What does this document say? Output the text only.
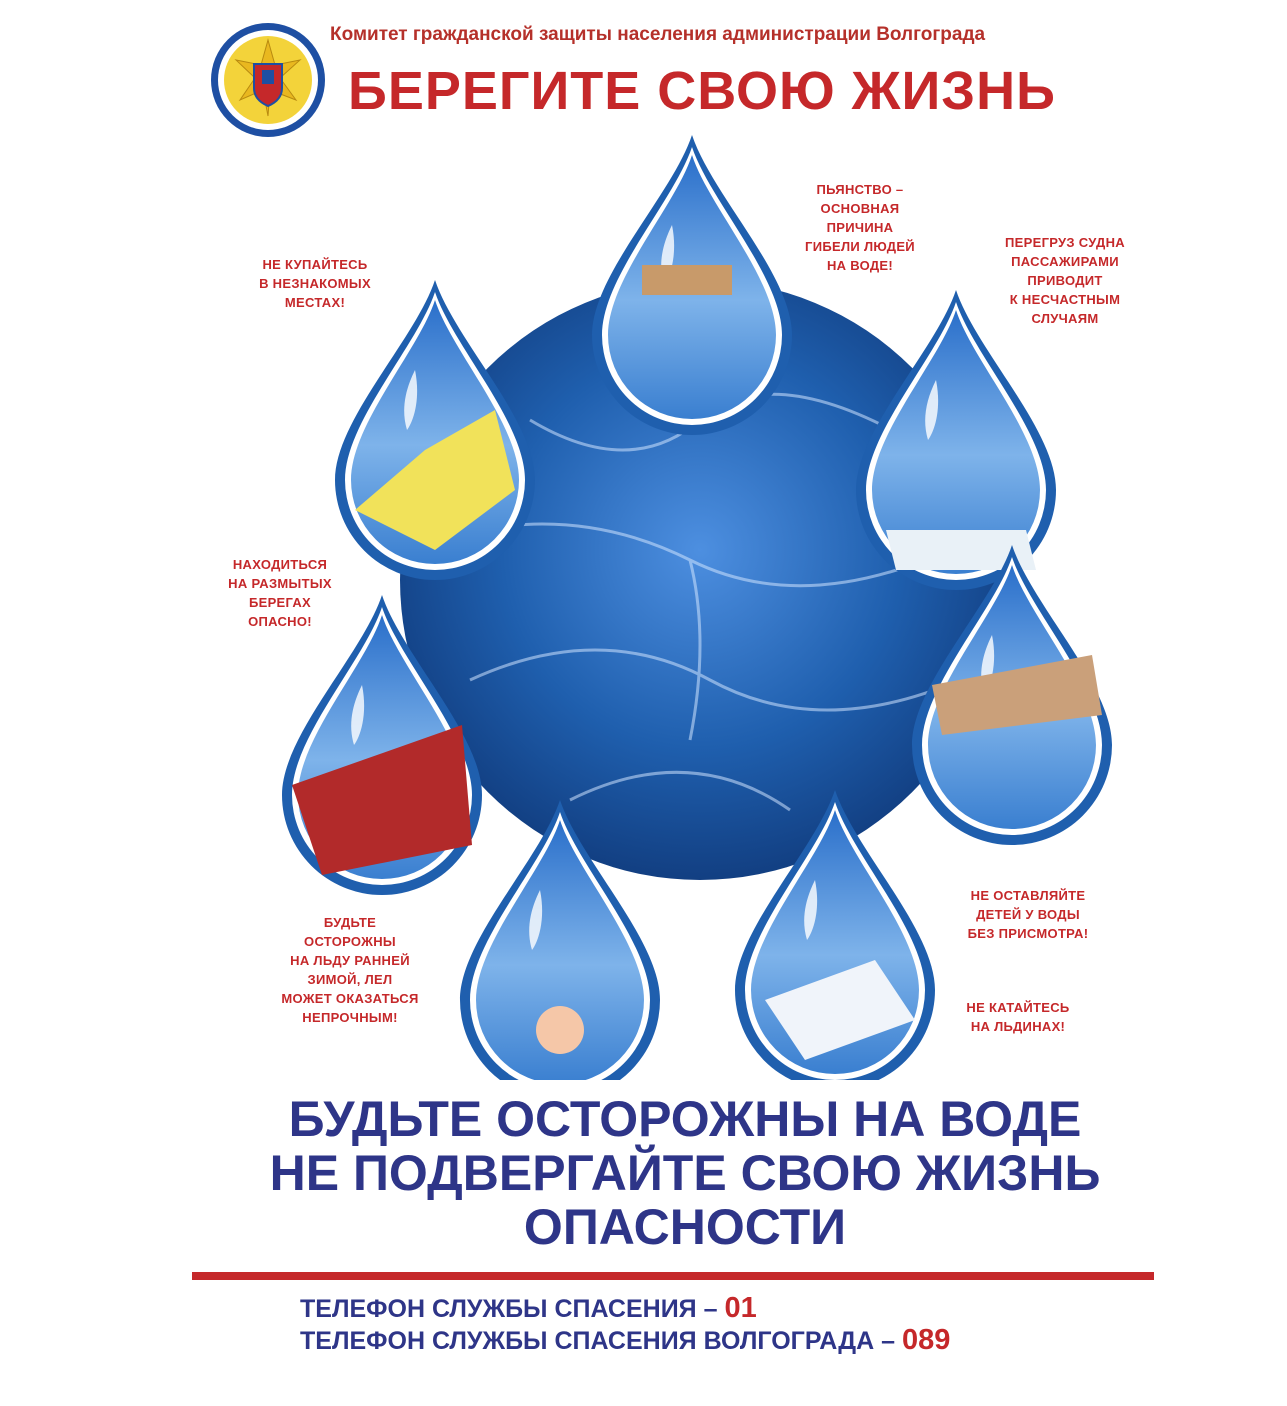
Комитет гражданской защиты населения администрации Волгограда
БЕРЕГИТЕ СВОЮ ЖИЗНЬ
НЕ КУПАЙТЕСЬ
В НЕЗНАКОМЫХ
МЕСТАХ!
ПЬЯНСТВО –
ОСНОВНАЯ
ПРИЧИНА
ГИБЕЛИ ЛЮДЕЙ
НА ВОДЕ!
ПЕРЕГРУЗ СУДНА
ПАССАЖИРАМИ
ПРИВОДИТ
К НЕСЧАСТНЫМ
СЛУЧАЯМ
НАХОДИТЬСЯ
НА РАЗМЫТЫХ
БЕРЕГАХ
ОПАСНО!
БУДЬТЕ
ОСТОРОЖНЫ
НА ЛЬДУ РАННЕЙ
ЗИМОЙ, ЛЕЛ
МОЖЕТ ОКАЗАТЬСЯ
НЕПРОЧНЫМ!
НЕ ОСТАВЛЯЙТЕ
ДЕТЕЙ У ВОДЫ
БЕЗ ПРИСМОТРА!
НЕ КАТАЙТЕСЬ
НА ЛЬДИНАХ!
БУДЬТЕ ОСТОРОЖНЫ НА ВОДЕ
НЕ ПОДВЕРГАЙТЕ СВОЮ ЖИЗНЬ
ОПАСНОСТИ
ТЕЛЕФОН СЛУЖБЫ СПАСЕНИЯ – 01
ТЕЛЕФОН СЛУЖБЫ СПАСЕНИЯ ВОЛГОГРАДА – 089
